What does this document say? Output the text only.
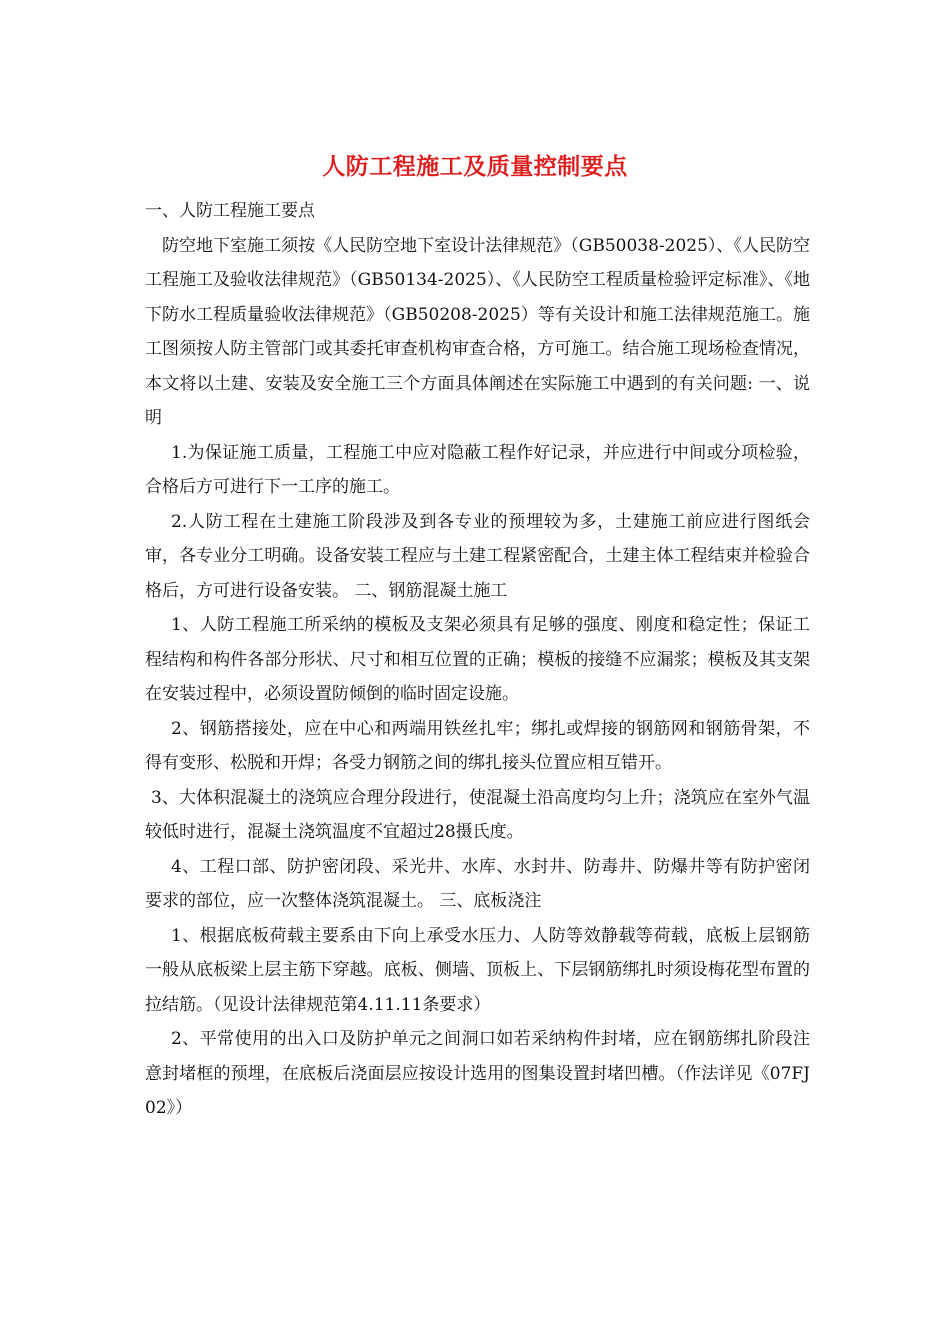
人防工程施工及质量控制要点

一、人防工程施工要点

防空地下室施工须按《人民防空地下室设计法律规范》（GB50038-2025）、《人民防空工程施工及验收法律规范》（GB50134-2025）、《人民防空工程质量检验评定标准》、《地下防水工程质量验收法律规范》（GB50208-2025）等有关设计和施工法律规范施工。施工图须按人防主管部门或其委托审查机构审查合格，方可施工。结合施工现场检查情况，本文将以土建、安装及安全施工三个方面具体阐述在实际施工中遇到的有关问题: 一、说明

1.为保证施工质量，工程施工中应对隐蔽工程作好记录，并应进行中间或分项检验，合格后方可进行下一工序的施工。

2.人防工程在土建施工阶段涉及到各专业的预埋较为多，土建施工前应进行图纸会审，各专业分工明确。设备安装工程应与土建工程紧密配合，土建主体工程结束并检验合格后，方可进行设备安装。 二、钢筋混凝土施工

1、人防工程施工所采纳的模板及支架必须具有足够的强度、刚度和稳定性；保证工程结构和构件各部分形状、尺寸和相互位置的正确；模板的接缝不应漏浆；模板及其支架在安装过程中，必须设置防倾倒的临时固定设施。

2、钢筋搭接处，应在中心和两端用铁丝扎牢；绑扎或焊接的钢筋网和钢筋骨架，不得有变形、松脱和开焊；各受力钢筋之间的绑扎接头位置应相互错开。

3、大体积混凝土的浇筑应合理分段进行，使混凝土沿高度均匀上升；浇筑应在室外气温较低时进行，混凝土浇筑温度不宜超过28摄氏度。

4、工程口部、防护密闭段、采光井、水库、水封井、防毒井、防爆井等有防护密闭要求的部位，应一次整体浇筑混凝土。 三、底板浇注

1、根据底板荷载主要系由下向上承受水压力、人防等效静载等荷载，底板上层钢筋一般从底板梁上层主筋下穿越。底板、侧墙、顶板上、下层钢筋绑扎时须设梅花型布置的拉结筋。（见设计法律规范第4.11.11条要求）

2、平常使用的出入口及防护单元之间洞口如若采纳构件封堵，应在钢筋绑扎阶段注意封堵框的预埋，在底板后浇面层应按设计选用的图集设置封堵凹槽。（作法详见《07FJ02》）
